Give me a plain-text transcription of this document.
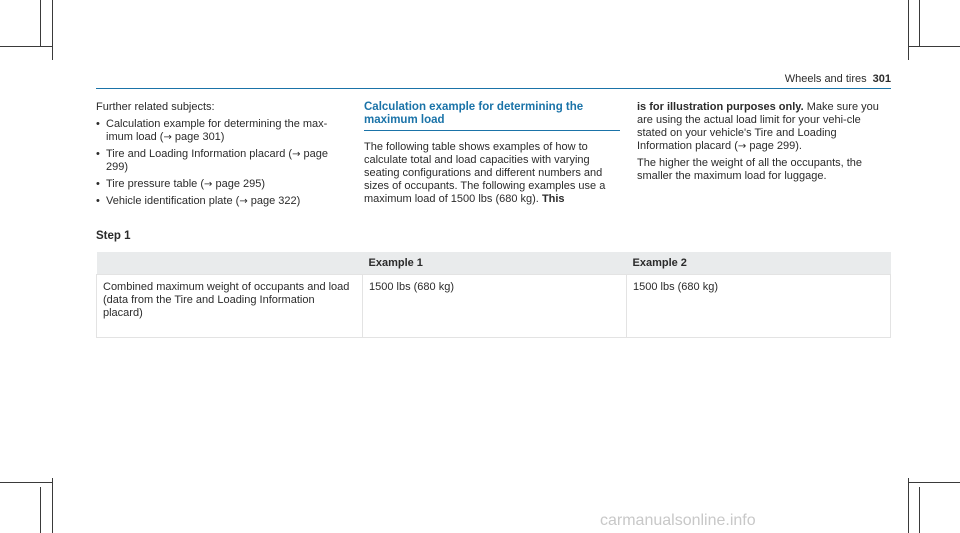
Wheels and tires 301

Further related subjects:

• Calculation example for determining the max-imum load (→ page 301)
• Tire and Loading Information placard (→ page 299)
• Tire pressure table (→ page 295)
• Vehicle identification plate (→ page 322)
Calculation example for determining the maximum load

The following table shows examples of how to calculate total and load capacities with varying seating configurations and different numbers and sizes of occupants. The following examples use a maximum load of 1500 lbs (680 kg). This

is for illustration purposes only. Make sure you are using the actual load limit for your vehi-cle stated on your vehicle's Tire and Loading Information placard (→ page 299).

The higher the weight of all the occupants, the smaller the maximum load for luggage.

Step 1
	Example 1	Example 2
Combined maximum weight of occupants and load (data from the Tire and Loading Information placard)	1500 lbs (680 kg)	1500 lbs (680 kg)
carmanualsonline.info
